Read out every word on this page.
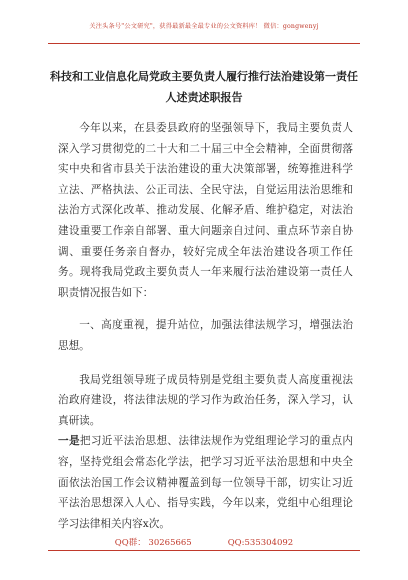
关注头条号"公文研究"，获得最新最全最专业的公文资料库！ 微信：gongwenyj
科技和工业信息化局党政主要负责人履行推行法治建设第一责任人述责述职报告

今年以来，在县委县政府的坚强领导下，我局主要负责人深入学习贯彻党的二十大和二十届三中全会精神，全面贯彻落实中央和省市县关于法治建设的重大决策部署，统筹推进科学立法、严格执法、公正司法、全民守法，自觉运用法治思维和法治方式深化改革、推动发展、化解矛盾、维护稳定，对法治建设重要工作亲自部署、重大问题亲自过问、重点环节亲自协调、重要任务亲自督办，较好完成全年法治建设各项工作任务。现将我局党政主要负责人一年来履行法治建设第一责任人职责情况报告如下：

一、高度重视，提升站位，加强法律法规学习，增强法治思想。

我局党组领导班子成员特别是党组主要负责人高度重视法治政府建设，将法律法规的学习作为政治任务，深入学习，认真研读。

一是把习近平法治思想、法律法规作为党组理论学习的重点内容，坚持党组会常态化学法，把学习习近平法治思想和中央全面依法治国工作会议精神覆盖到每一位领导干部，切实让习近平法治思想深入人心、指导实践，今年以来，党组中心组理论学习法律相关内容x次。

QQ群： 30265665	QQ:535304092
